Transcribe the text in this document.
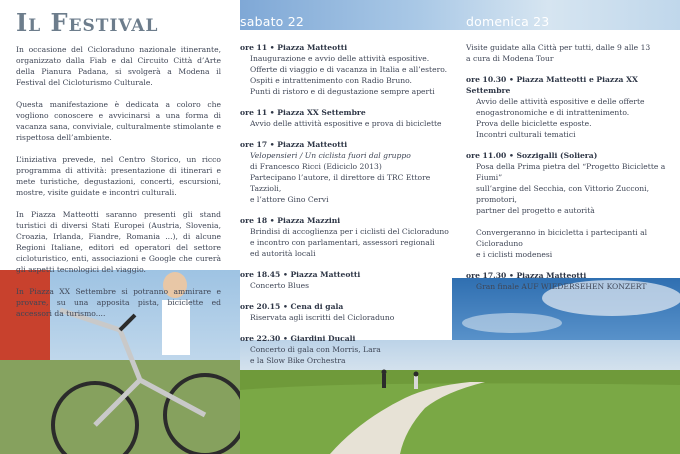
Il Festival

In occasione del Cicloraduno nazionale itinerante, organizzato dalla Fiab e dal Circuito Città d’Arte della Pianura Padana, si svolgerà a Modena il Festival del Cicloturismo Culturale.

Questa manifestazione è dedicata a coloro che vogliono conoscere e avvicinarsi a una forma di vacanza sana, conviviale, culturalmente stimolante e rispettosa dell’ambiente.

L’iniziativa prevede, nel Centro Storico, un ricco programma di attività: presentazione di itinerari e mete turistiche, degustazioni, concerti, escursioni, mostre, visite guidate e incontri culturali.

In Piazza Matteotti saranno presenti gli stand turistici di diversi Stati Europei (Austria, Slovenia, Croazia, Irlanda, Fiandre, Romania ...), di alcune Regioni Italiane, editori ed operatori del settore cicloturistico, enti, associazioni e Google che curerà gli aspetti tecnologici del viaggio.

In Piazza XX Settembre si potranno ammirare e provare, su una apposita pista, biciclette ed accessori da turismo....

sabato 22	domenica 23
ore 11 • Piazza Matteotti
Inaugurazione e avvio delle attività espositive.
Offerte di viaggio e di vacanza in Italia e all’estero.
Ospiti e intrattenimento con Radio Bruno.
Punti di ristoro e di degustazione sempre aperti
ore 11 • Piazza XX Settembre
Avvio delle attività espositive e prova di biciclette
ore 17 • Piazza Matteotti
Velopensieri / Un ciclista fuori dal gruppo
di Francesco Ricci (Ediciclo 2013)
Partecipano l’autore, il direttore di TRC Ettore Tazzioli,
e l’attore Gino Cervi
ore 18 • Piazza Mazzini
Brindisi di accoglienza per i ciclisti del Cicloraduno
e incontro con parlamentari, assessori regionali
ed autorità locali
ore 18.45 • Piazza Matteotti
Concerto Blues
ore 20.15 • Cena di gala
Riservata agli iscritti del Cicloraduno
ore 22.30 • Giardini Ducali
Concerto di gala con Morris, Lara
e la Slow Bike Orchestra
Visite guidate alla Città per tutti, dalle 9 alle 13
a cura di Modena Tour
ore 10.30 • Piazza Matteotti e Piazza XX Settembre
Avvio delle attività espositive e delle offerte
enogastronomiche e di intrattenimento.
Prova delle biciclette esposte.
Incontri culturali tematici
ore 11.00 • Sozzigalli (Soliera)
Posa della Prima pietra del “Progetto Biciclette a Fiumi”
sull’argine del Secchia, con Vittorio Zucconi, promotori,
partner del progetto e autorità
Convergeranno in bicicletta i partecipanti al Cicloraduno
e i ciclisti modenesi
ore 17.30 • Piazza Matteotti
Gran finale AUF WIEDERSEHEN KONZERT
